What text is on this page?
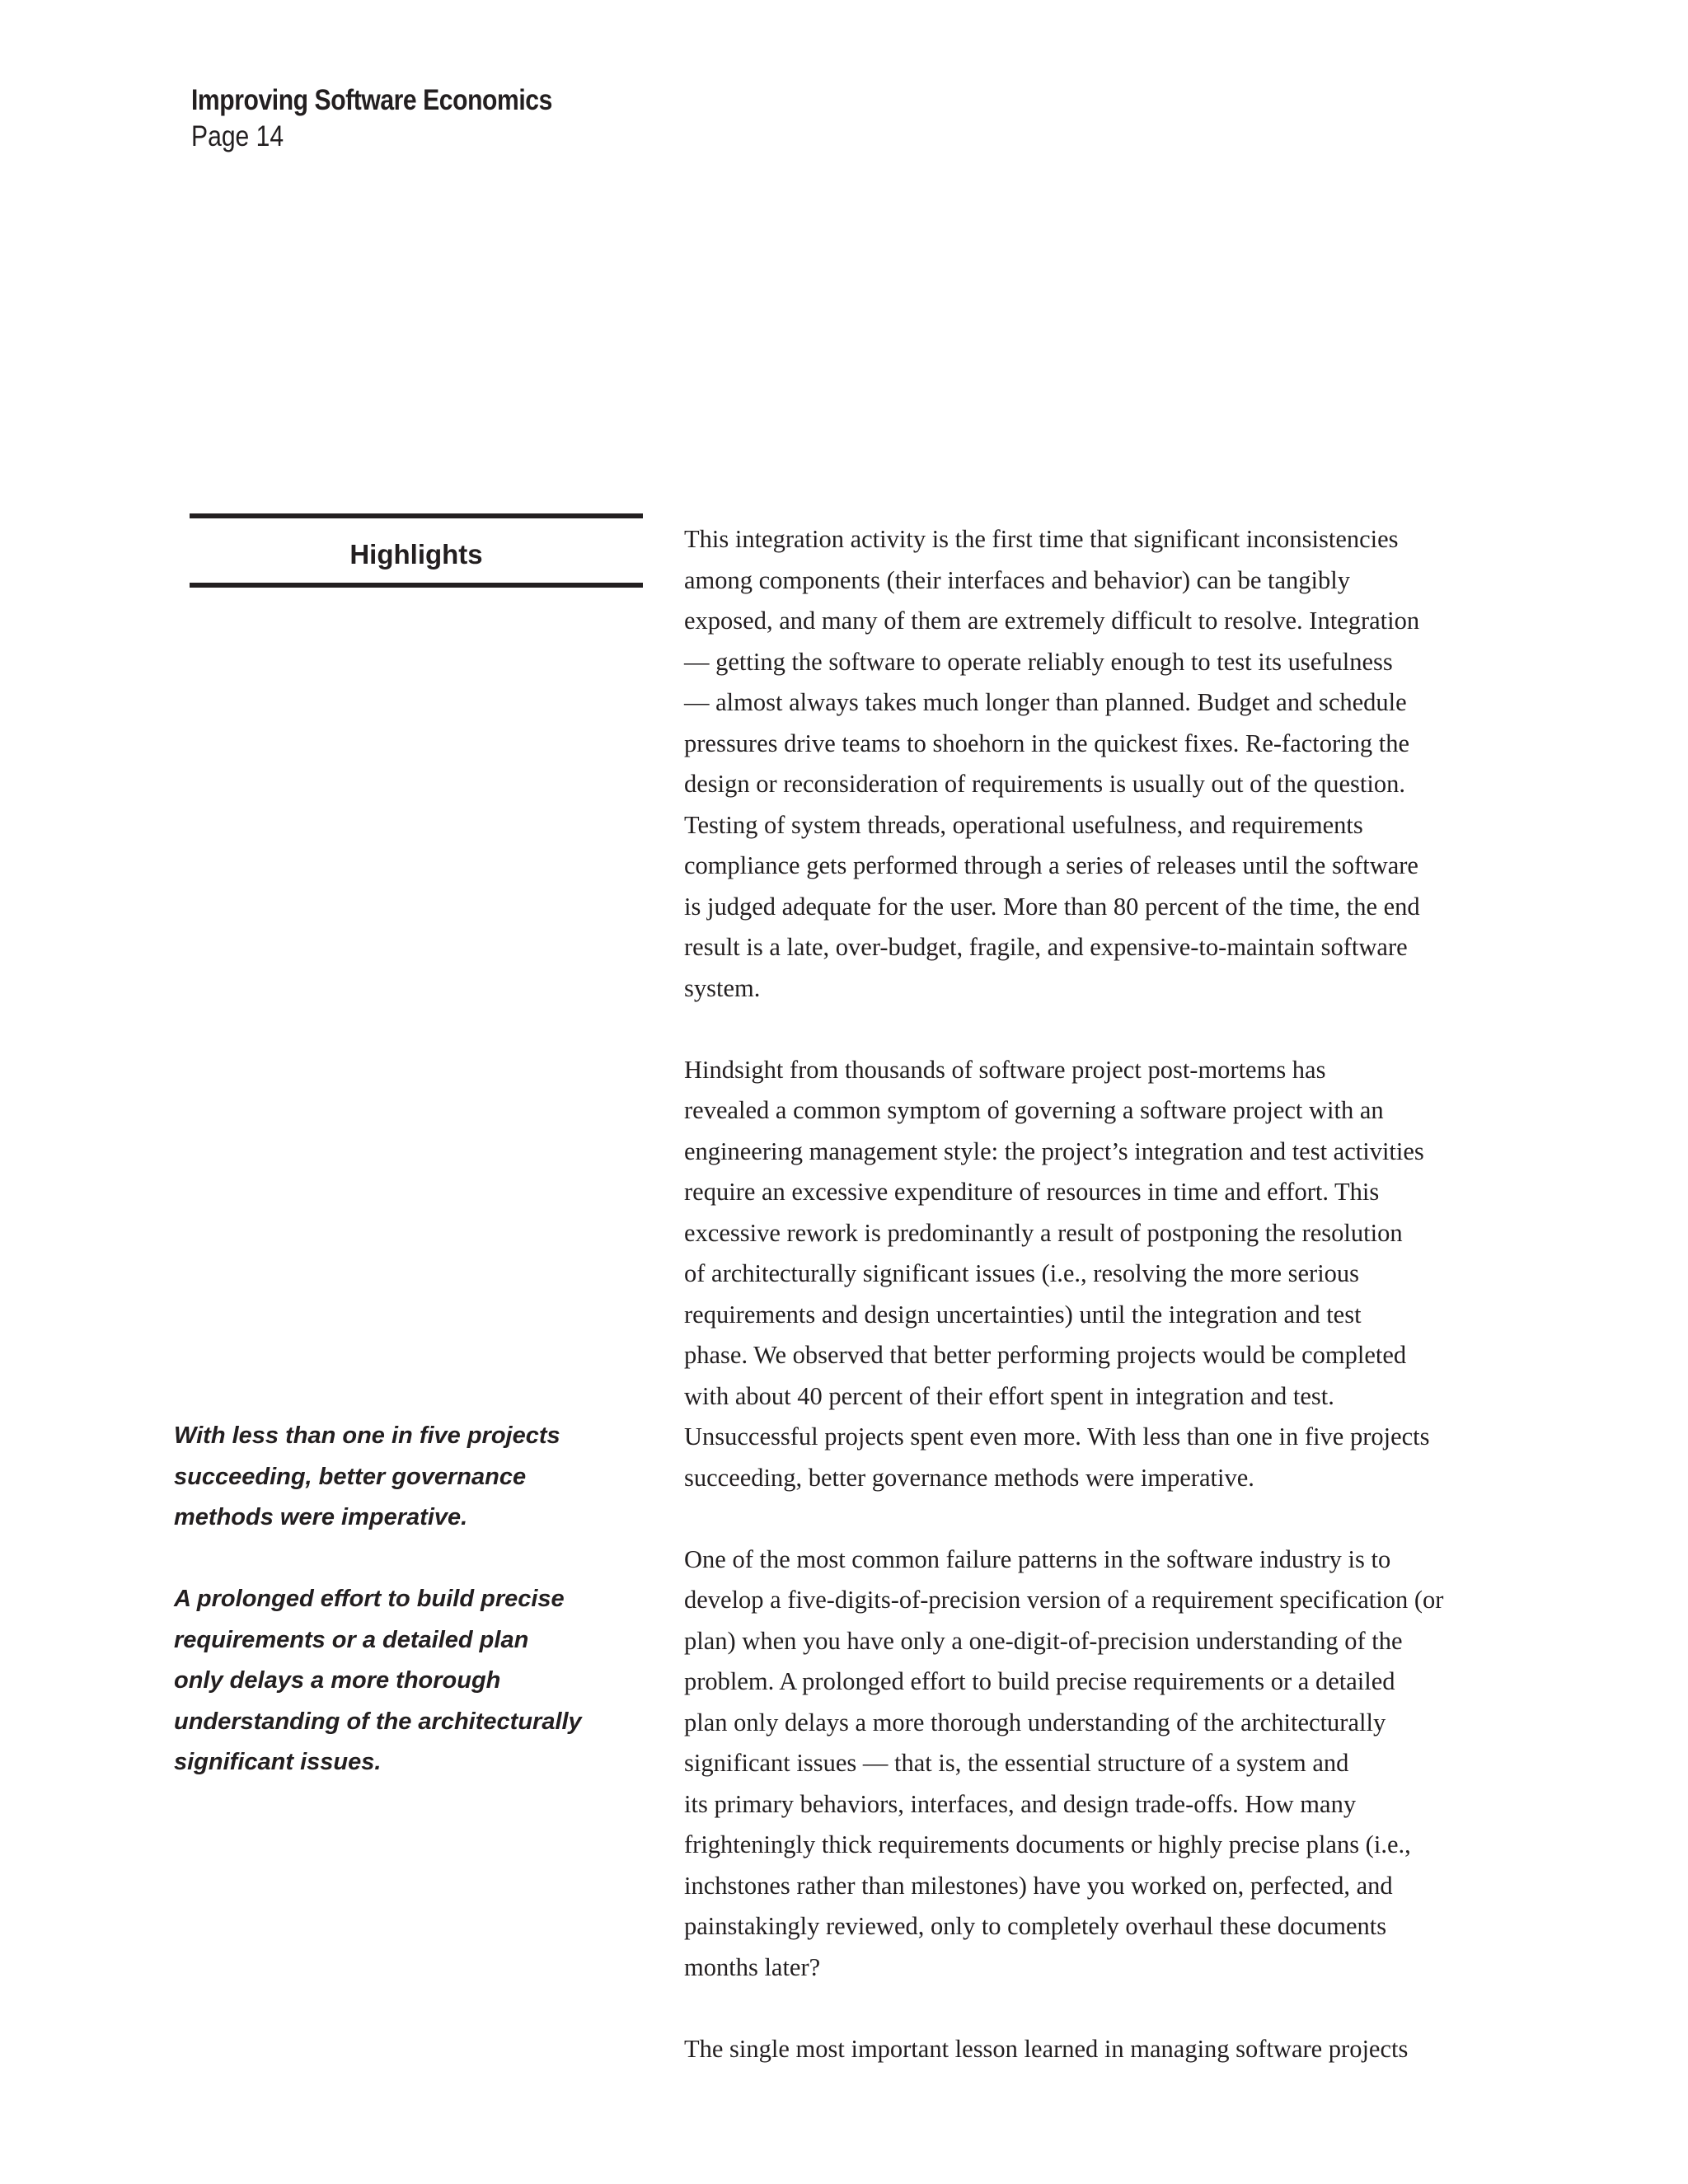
Improving Software Economics
Page 14
Highlights

With less than one in five projects
succeeding, better governance
methods were imperative.

A prolonged effort to build precise
requirements or a detailed plan
only delays a more thorough
understanding of the architecturally
significant issues.

This integration activity is the first time that significant inconsistencies
among components (their interfaces and behavior) can be tangibly
exposed, and many of them are extremely difficult to resolve. Integration
— getting the software to operate reliably enough to test its usefulness
— almost always takes much longer than planned. Budget and schedule
pressures drive teams to shoehorn in the quickest fixes. Re-factoring the
design or reconsideration of requirements is usually out of the question.
Testing of system threads, operational usefulness, and requirements
compliance gets performed through a series of releases until the software
is judged adequate for the user. More than 80 percent of the time, the end
result is a late, over-budget, fragile, and expensive-to-maintain software
system.

Hindsight from thousands of software project post-mortems has
revealed a common symptom of governing a software project with an
engineering management style: the project’s integration and test activities
require an excessive expenditure of resources in time and effort. This
excessive rework is predominantly a result of postponing the resolution
of architecturally significant issues (i.e., resolving the more serious
requirements and design uncertainties) until the integration and test
phase. We observed that better performing projects would be completed
with about 40 percent of their effort spent in integration and test.
Unsuccessful projects spent even more. With less than one in five projects
succeeding, better governance methods were imperative.

One of the most common failure patterns in the software industry is to
develop a five-digits-of-precision version of a requirement specification (or
plan) when you have only a one-digit-of-precision understanding of the
problem. A prolonged effort to build precise requirements or a detailed
plan only delays a more thorough understanding of the architecturally
significant issues — that is, the essential structure of a system and
its primary behaviors, interfaces, and design trade-offs. How many
frighteningly thick requirements documents or highly precise plans (i.e.,
inchstones rather than milestones) have you worked on, perfected, and
painstakingly reviewed, only to completely overhaul these documents
months later?

The single most important lesson learned in managing software projects
